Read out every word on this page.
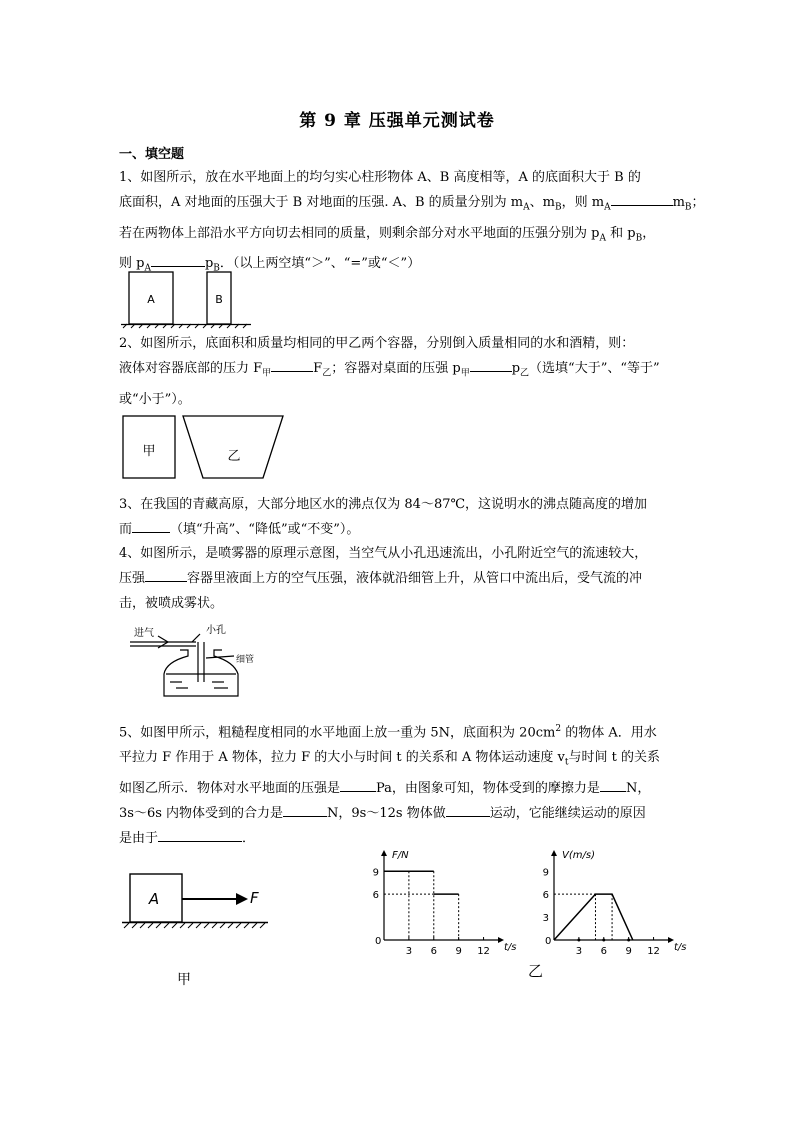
第 9 章 压强单元测试卷
一、填空题
1、如图所示，放在水平地面上的均匀实心柱形物体 A、B 高度相等，A 的底面积大于 B 的
底面积，A 对地面的压强大于 B 对地面的压强. A、B 的质量分别为 $m_A$、$m_B$，则 $m_A$	$m_B$；
若在两物体上部沿水平方向切去相同的质量，则剩余部分对水平地面的压强分别为 $p_A$ 和 $p_B$，
则 $p_A$	$p_B$．（以上两空填“＞”、“=”或“＜”）
A	B
2、如图所示，底面积和质量均相同的甲乙两个容器，分别倒入质量相同的水和酒精，则：
液体对容器底部的压力 $F_甲$	$F_乙$；容器对桌面的压强 $p_甲$	$p_乙$（选填“大于”、“等于”
或“小于”）。
甲	乙
3、在我国的青藏高原，大部分地区水的沸点仅为 84～87℃，这说明水的沸点随高度的增加
而	（填“升高”、“降低”或“不变”）。
4、如图所示，是喷雾器的原理示意图，当空气从小孔迅速流出，小孔附近空气的流速较大，
压强	容器里液面上方的空气压强，液体就沿细管上升，从管口中流出后，受气流的冲
击，被喷成雾状。
进气	小孔
细管
5、如图甲所示，粗糙程度相同的水平地面上放一重为 5N，底面积为 $20cm^2$ 的物体 A．用水
平拉力 F 作用于 A 物体，拉力 F 的大小与时间 t 的关系和 A 物体运动速度 $v_t$与时间 t 的关系
如图乙所示．物体对水平地面的压强是	Pa，由图象可知，物体受到的摩擦力是 N，
3s～6s 内物体受到的合力是	N，9s～12s 物体做	运动，它能继续运动的原因
是由于	．
A	F
甲
F/N
t/s
0
3 6 9 12
6
9
V(m/s)
t/s
0
3 6 9 12
3
6
9
乙
